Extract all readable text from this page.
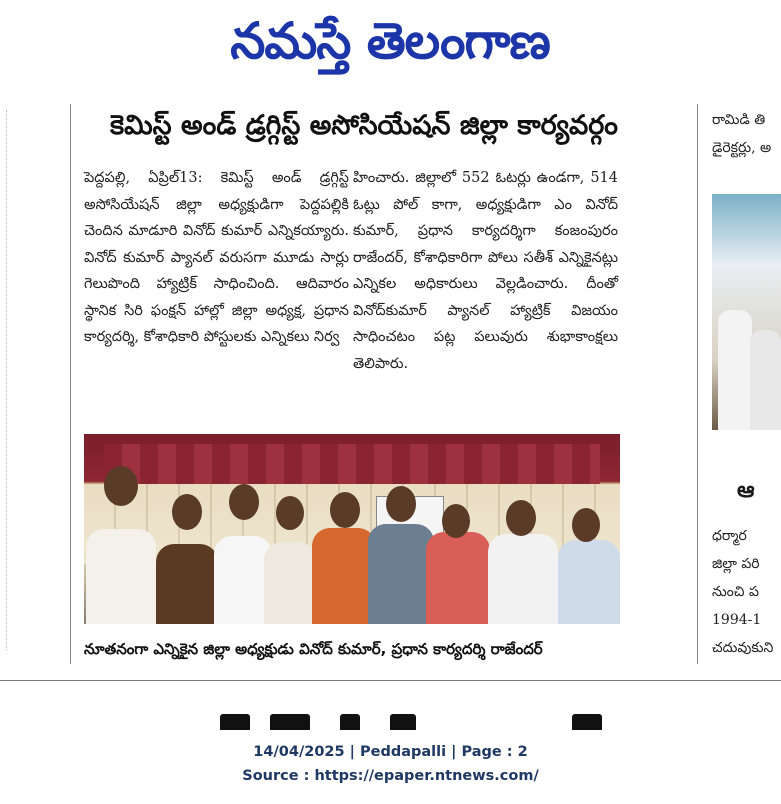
నమస్తే తెలంగాణ
కెమిస్ట్ అండ్ డ్రగ్గిస్ట్ అసోసియేషన్ జిల్లా కార్యవర్గం

పెద్దపల్లి, ఏప్రిల్13: కెమిస్ట్ అండ్ డ్రగ్గిస్ట్ అసోసియేషన్ జిల్లా అధ్యక్షుడిగా పెద్దపల్లికి చెందిన మాడూరి వినోద్ కుమార్ ఎన్నికయ్యారు. వినోద్ కుమార్ ప్యానల్ వరుసగా మూడు సార్లు గెలుపొంది హ్యాట్రిక్ సాధించింది. ఆదివారం స్థానిక సిరి ఫంక్షన్ హాల్లో జిల్లా అధ్యక్ష, ప్రధాన కార్యదర్శి, కోశాధికారి పోస్టులకు ఎన్నికలు నిర్వ

హించారు. జిల్లాలో 552 ఓటర్లు ఉండగా, 514 ఓట్లు పోల్ కాగా, అధ్యక్షుడిగా ఎం వినోద్ కుమార్, ప్రధాన కార్యదర్శిగా కంజంపురం రాజేందర్, కోశాధికారిగా పోలు సతీశ్ ఎన్నికైనట్లు ఎన్నికల అధికారులు వెల్లడించారు. దీంతో వినోద్‌కుమార్ ప్యానల్ హ్యాట్రిక్ విజయం సాధించటం పట్ల పలువురు శుభాకాంక్షలు తెలిపారు.

నూతనంగా ఎన్నికైన జిల్లా అధ్యక్షుడు వినోద్ కుమార్, ప్రధాన కార్యదర్శి రాజేందర్
రామిడి తి
డైరెక్టర్లు, అ
ఆ
ధర్మార
జిల్లా పరి
నుంచి ప
1994-1
చదువుకుని
14/04/2025 | Peddapalli | Page : 2
Source : https://epaper.ntnews.com/
